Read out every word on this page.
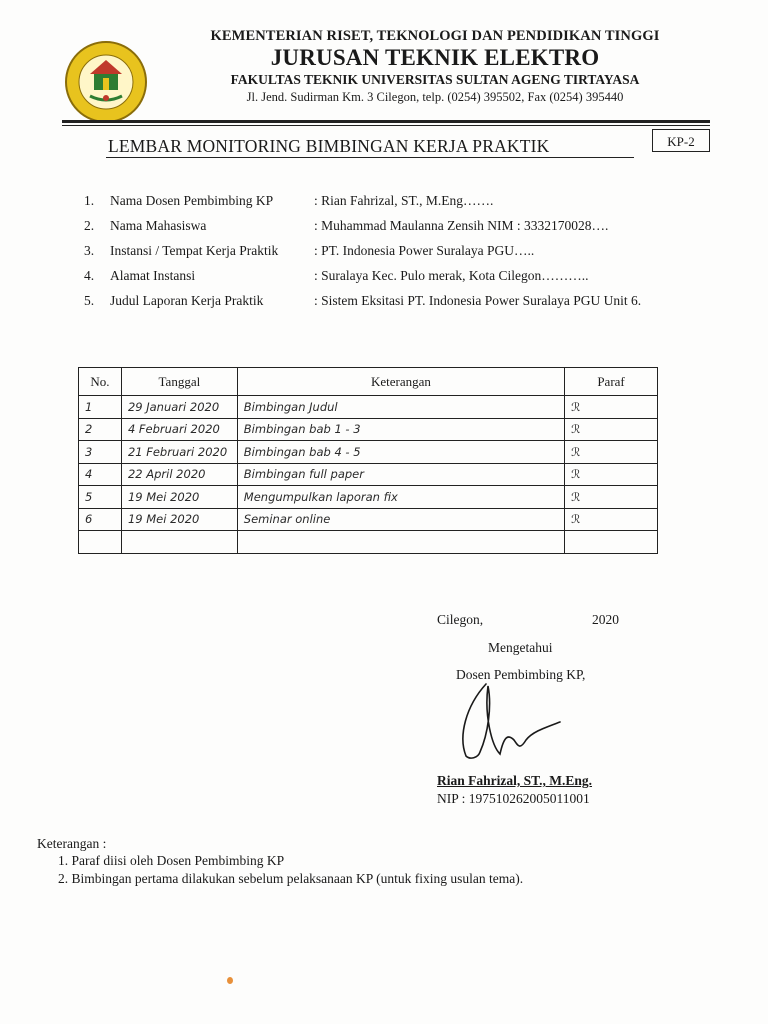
KEMENTERIAN RISET, TEKNOLOGI DAN PENDIDIKAN TINGGI
JURUSAN TEKNIK ELEKTRO
FAKULTAS TEKNIK UNIVERSITAS SULTAN AGENG TIRTAYASA
Jl. Jend. Sudirman Km. 3 Cilegon, telp. (0254) 395502, Fax (0254) 395440
LEMBAR MONITORING BIMBINGAN KERJA PRAKTIK	KP-2
1. Nama Dosen Pembimbing KP	: Rian Fahrizal, ST., M.Eng…….
2. Nama Mahasiswa	: Muhammad Maulanna Zensih NIM : 3332170028….
3. Instansi / Tempat Kerja Praktik	: PT. Indonesia Power Suralaya PGU…..
4. Alamat Instansi	: Suralaya Kec. Pulo merak, Kota Cilegon………..
5. Judul Laporan Kerja Praktik	: Sistem Eksitasi PT. Indonesia Power Suralaya PGU Unit 6.
No.	Tanggal	Keterangan	Paraf
1	29 Januari 2020	Bimbingan Judul	ℛ
2	4 Februari 2020	Bimbingan bab 1 - 3	ℛ
3	21 Februari 2020	Bimbingan bab 4 - 5	ℛ
4	22 April 2020	Bimbingan full paper	ℛ
5	19 Mei 2020	Mengumpulkan laporan fix	ℛ
6	19 Mei 2020	Seminar online	ℛ

Cilegon,	2020
Mengetahui
Dosen Pembimbing KP,
Rian Fahrizal, ST., M.Eng.
NIP : 197510262005011001
Keterangan :
1. Paraf diisi oleh Dosen Pembimbing KP
2. Bimbingan pertama dilakukan sebelum pelaksanaan KP (untuk fixing usulan tema).
